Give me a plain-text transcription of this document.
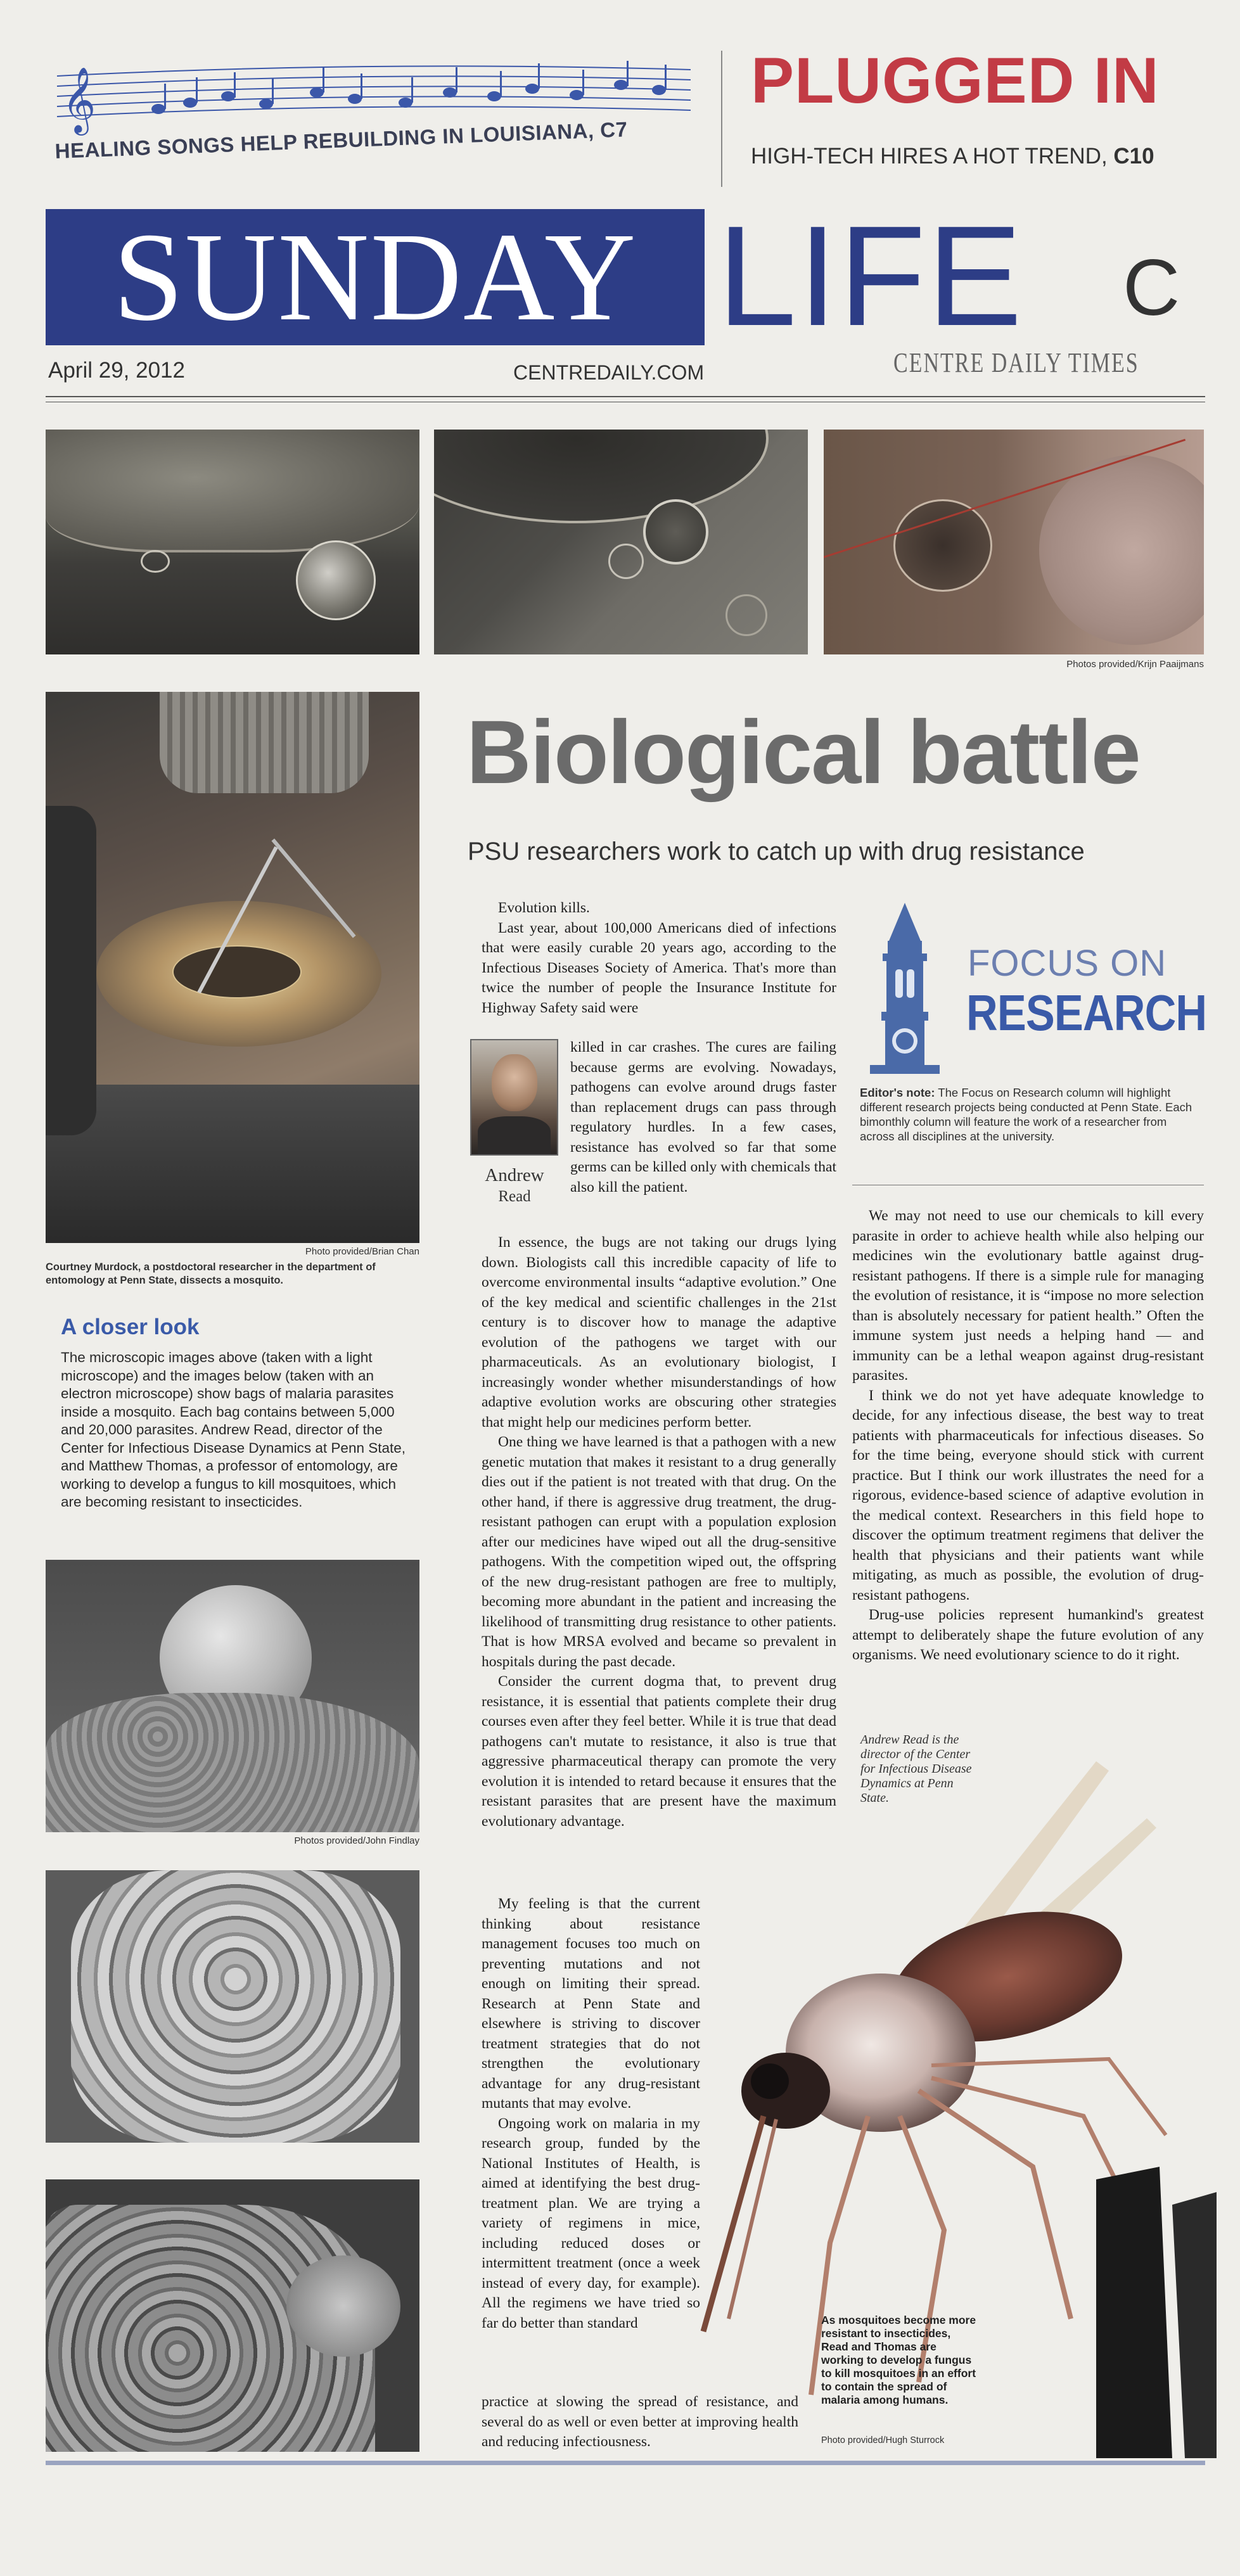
𝄞
HEALING SONGS HELP REBUILDING IN LOUISIANA, C7
PLUGGED IN
HIGH-TECH HIRES A HOT TREND, C10
SUNDAY LIFE C
April 29, 2012	CENTREDAILY.COM	CENTRE DAILY TIMES
Photos provided/Krijn Paaijmans
Photo provided/Brian Chan
Courtney Murdock, a postdoctoral researcher in the department of entomology at Penn State, dissects a mosquito.
A closer look
The microscopic images above (taken with a light microscope) and the images below (taken with an electron microscope) show bags of malaria parasites inside a mosquito. Each bag contains between 5,000 and 20,000 parasites. Andrew Read, director of the Center for Infectious Disease Dynamics at Penn State, and Matthew Thomas, a professor of entomology, are working to develop a fungus to kill mosquitoes, which are becoming resistant to insecticides.
Photos provided/John Findlay
Biological battle
PSU researchers work to catch up with drug resistance

Evolution kills.

Last year, about 100,000 Americans died of infections that were easily curable 20 years ago, according to the Infectious Diseases Society of America. That's more than twice the number of people the Insurance Institute for Highway Safety said were

Andrew
Read

killed in car crashes. The cures are failing because germs are evolving. Nowadays, pathogens can evolve around drugs faster than replacement drugs can pass through regulatory hurdles. In a few cases, resistance has evolved so far that some germs can be killed only with chemicals that also kill the patient.

In essence, the bugs are not taking our drugs lying down. Biologists call this incredible capacity of life to overcome environmental insults “adaptive evolution.” One of the key medical and scientific challenges in the 21st century is to discover how to manage the adaptive evolution of the pathogens we target with our pharmaceuticals. As an evolutionary biologist, I increasingly wonder whether misunderstandings of how adaptive evolution works are obscuring other strategies that might help our medicines perform better.

One thing we have learned is that a pathogen with a new genetic mutation that makes it resistant to a drug generally dies out if the patient is not treated with that drug. On the other hand, if there is aggressive drug treatment, the drug-resistant pathogen can erupt with a population explosion after our medicines have wiped out all the drug-sensitive pathogens. With the competition wiped out, the offspring of the new drug-resistant pathogen are free to multiply, becoming more abundant in the patient and increasing the likelihood of transmitting drug resistance to other patients. That is how MRSA evolved and became so prevalent in hospitals during the past decade.

Consider the current dogma that, to prevent drug resistance, it is essential that patients complete their drug courses even after they feel better. While it is true that dead pathogens can't mutate to resistance, it also is true that aggressive pharmaceutical therapy can promote the very evolution it is intended to retard because it ensures that the resistant parasites that are present have the maximum evolutionary advantage.

My feeling is that the current thinking about resistance management focuses too much on preventing mutations and not enough on limiting their spread. Research at Penn State and elsewhere is striving to discover treatment strategies that do not strengthen the evolutionary advantage for any drug-resistant mutants that may evolve.

Ongoing work on malaria in my research group, funded by the National Institutes of Health, is aimed at identifying the best drug-treatment plan. We are trying a variety of regimens in mice, including reduced doses or intermittent treatment (once a week instead of every day, for example). All the regimens we have tried so far do better than standard

practice at slowing the spread of resistance, and several do as well or even better at improving health and reducing infectiousness.

FOCUS ON
RESEARCH
Editor's note: The Focus on Research column will highlight different research projects being conducted at Penn State. Each bimonthly column will feature the work of a researcher from across all disciplines at the university.

We may not need to use our chemicals to kill every parasite in order to achieve health while also helping our medicines win the evolutionary battle against drug-resistant pathogens. If there is a simple rule for managing the evolution of resistance, it is “impose no more selection than is absolutely necessary for patient health.” Often the immune system just needs a helping hand — and immunity can be a lethal weapon against drug-resistant parasites.

I think we do not yet have adequate knowledge to decide, for any infectious disease, the best way to treat patients with pharmaceuticals for infectious diseases. So for the time being, everyone should stick with current practice. But I think our work illustrates the need for a rigorous, evidence-based science of adaptive evolution in the medical context. Researchers in this field hope to discover the optimum treatment regimens that deliver the health that physicians and their patients want while mitigating, as much as possible, the evolution of drug-resistant pathogens.

Drug-use policies represent humankind's greatest attempt to deliberately shape the future evolution of any organisms. We need evolutionary science to do it right.

Andrew Read is the director of the Center for Infectious Disease Dynamics at Penn State.
As mosquitoes become more resistant to insecticides, Read and Thomas are working to develop a fungus to kill mosquitoes in an effort to contain the spread of malaria among humans.
Photo provided/Hugh Sturrock
